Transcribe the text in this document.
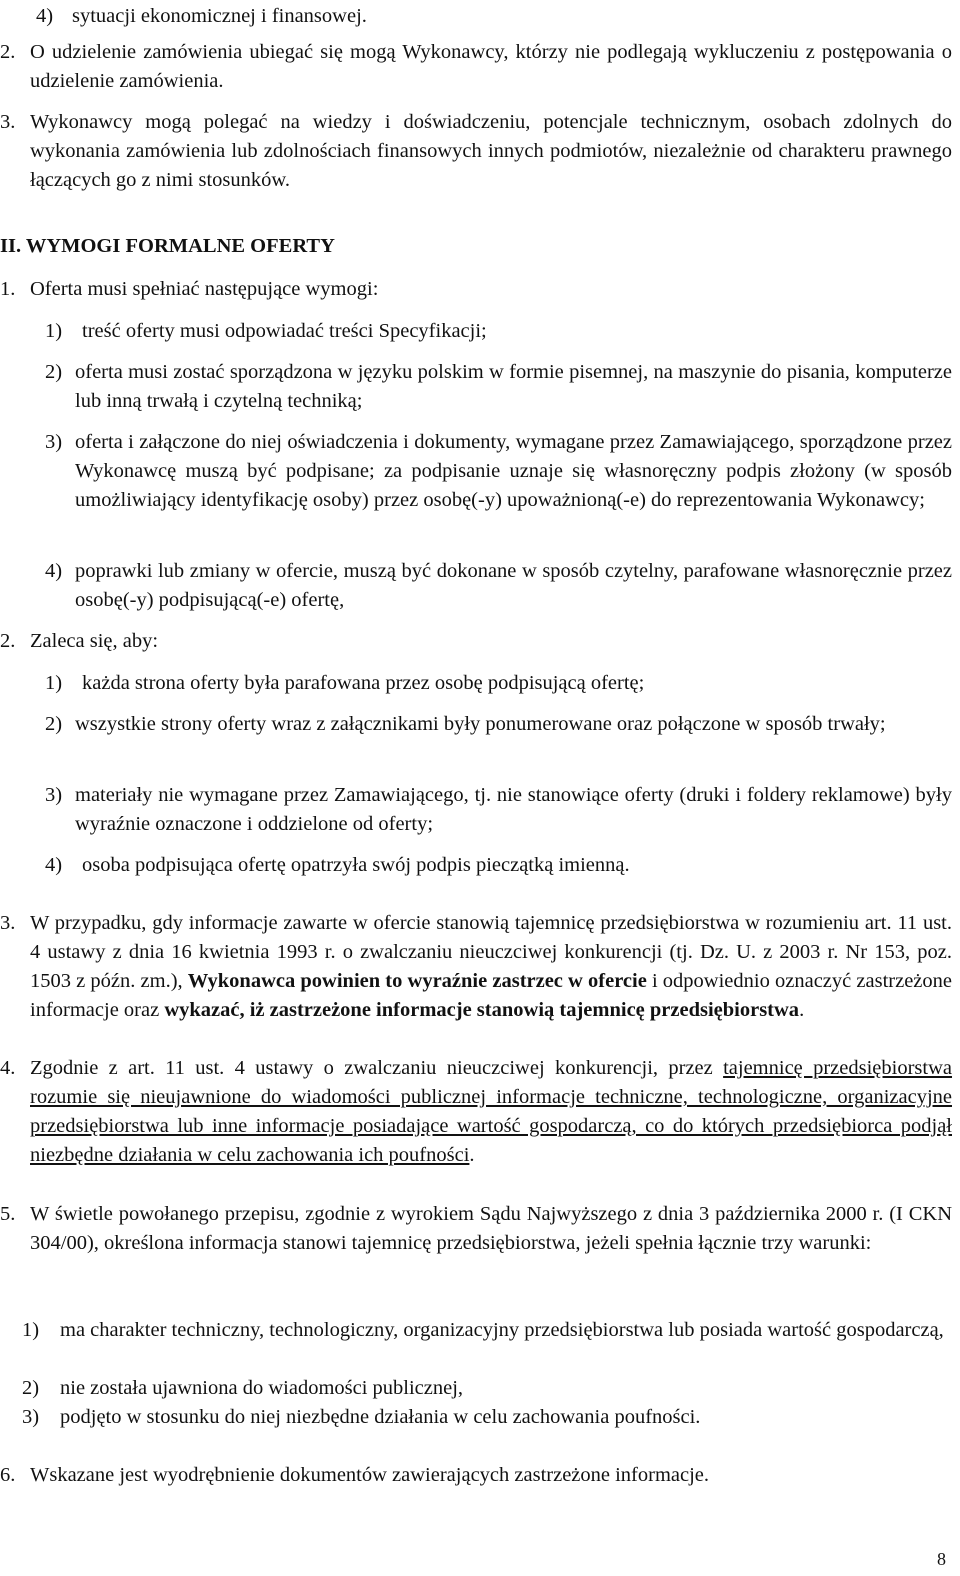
4) sytuacji ekonomicznej i finansowej.
2. O udzielenie zamówienia ubiegać się mogą Wykonawcy, którzy nie podlegają wykluczeniu z postępowania o udzielenie zamówienia.
3. Wykonawcy mogą polegać na wiedzy i doświadczeniu, potencjale technicznym, osobach zdolnych do wykonania zamówienia lub zdolnościach finansowych innych podmiotów, niezależnie od charakteru prawnego łączących go z nimi stosunków.
II. WYMOGI FORMALNE OFERTY
1. Oferta musi spełniać następujące wymogi:
1) treść oferty musi odpowiadać treści Specyfikacji;
2) oferta musi zostać sporządzona w języku polskim w formie pisemnej, na maszynie do pisania, komputerze lub inną trwałą i czytelną techniką;
3) oferta i załączone do niej oświadczenia i dokumenty, wymagane przez Zamawiającego, sporządzone przez Wykonawcę muszą być podpisane; za podpisanie uznaje się własnoręczny podpis złożony (w sposób umożliwiający identyfikację osoby) przez osobę(-y) upoważnioną(-e) do reprezentowania Wykonawcy;
4) poprawki lub zmiany w ofercie, muszą być dokonane w sposób czytelny, parafowane własnoręcznie przez osobę(-y) podpisującą(-e) ofertę,
2. Zaleca się, aby:
1) każda strona oferty była parafowana przez osobę podpisującą ofertę;
2) wszystkie strony oferty wraz z załącznikami były ponumerowane oraz połączone w sposób trwały;
3) materiały nie wymagane przez Zamawiającego, tj. nie stanowiące oferty (druki i foldery reklamowe) były wyraźnie oznaczone i oddzielone od oferty;
4) osoba podpisująca ofertę opatrzyła swój podpis pieczątką imienną.
3. W przypadku, gdy informacje zawarte w ofercie stanowią tajemnicę przedsiębiorstwa w rozumieniu art. 11 ust. 4 ustawy z dnia 16 kwietnia 1993 r. o zwalczaniu nieuczciwej konkurencji (tj. Dz. U. z 2003 r. Nr 153, poz. 1503 z późn. zm.), Wykonawca powinien to wyraźnie zastrzec w ofercie i odpowiednio oznaczyć zastrzeżone informacje oraz wykazać, iż zastrzeżone informacje stanowią tajemnicę przedsiębiorstwa.
4. Zgodnie z art. 11 ust. 4 ustawy o zwalczaniu nieuczciwej konkurencji, przez tajemnicę przedsiębiorstwa rozumie się nieujawnione do wiadomości publicznej informacje techniczne, technologiczne, organizacyjne przedsiębiorstwa lub inne informacje posiadające wartość gospodarczą, co do których przedsiębiorca podjął niezbędne działania w celu zachowania ich poufności.
5. W świetle powołanego przepisu, zgodnie z wyrokiem Sądu Najwyższego z dnia 3 października 2000 r. (I CKN 304/00), określona informacja stanowi tajemnicę przedsiębiorstwa, jeżeli spełnia łącznie trzy warunki:
1)	ma charakter techniczny, technologiczny, organizacyjny przedsiębiorstwa lub posiada wartość gospodarczą,
2)	nie została ujawniona do wiadomości publicznej,
3)	podjęto w stosunku do niej niezbędne działania w celu zachowania poufności.
6. Wskazane jest wyodrębnienie dokumentów zawierających zastrzeżone informacje.
8
